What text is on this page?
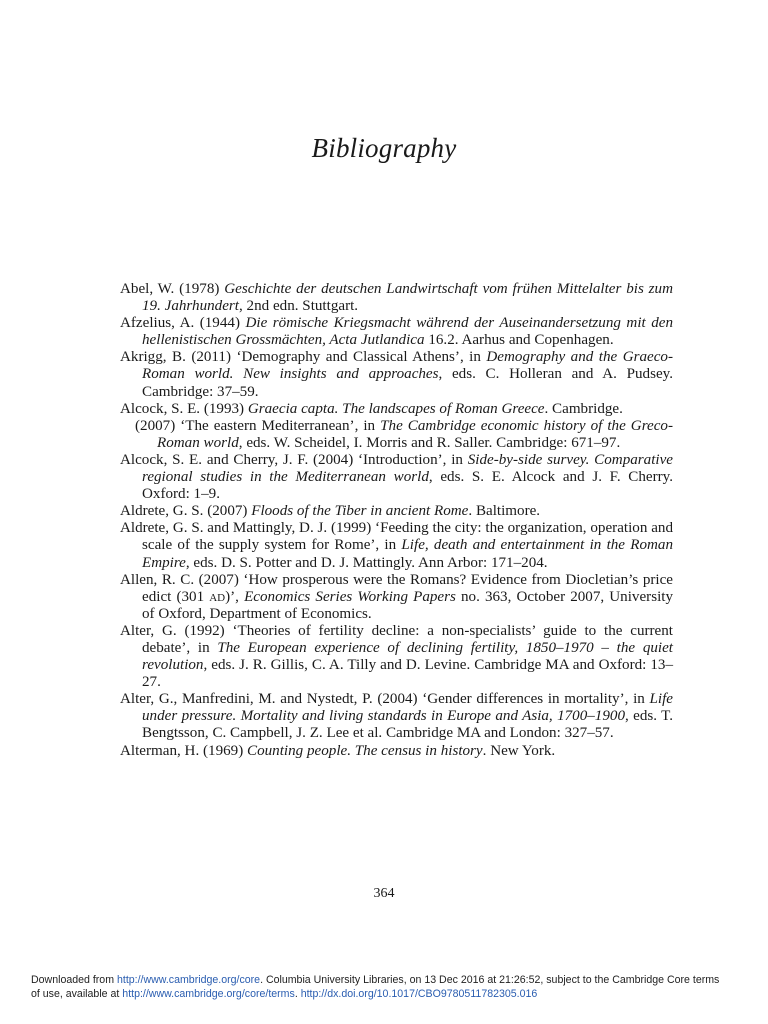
Bibliography
Abel, W. (1978) Geschichte der deutschen Landwirtschaft vom frühen Mittelalter bis zum 19. Jahrhundert, 2nd edn. Stuttgart.
Afzelius, A. (1944) Die römische Kriegsmacht während der Auseinandersetzung mit den hellenistischen Grossmächten, Acta Jutlandica 16.2. Aarhus and Copenhagen.
Akrigg, B. (2011) ‘Demography and Classical Athens’, in Demography and the Graeco-Roman world. New insights and approaches, eds. C. Holleran and A. Pudsey. Cambridge: 37–59.
Alcock, S. E. (1993) Graecia capta. The landscapes of Roman Greece. Cambridge.
(2007) ‘The eastern Mediterranean’, in The Cambridge economic history of the Greco-Roman world, eds. W. Scheidel, I. Morris and R. Saller. Cambridge: 671–97.
Alcock, S. E. and Cherry, J. F. (2004) ‘Introduction’, in Side-by-side survey. Comparative regional studies in the Mediterranean world, eds. S. E. Alcock and J. F. Cherry. Oxford: 1–9.
Aldrete, G. S. (2007) Floods of the Tiber in ancient Rome. Baltimore.
Aldrete, G. S. and Mattingly, D. J. (1999) ‘Feeding the city: the organization, operation and scale of the supply system for Rome’, in Life, death and entertainment in the Roman Empire, eds. D. S. Potter and D. J. Mattingly. Ann Arbor: 171–204.
Allen, R. C. (2007) ‘How prosperous were the Romans? Evidence from Diocletian’s price edict (301 ad)’, Economics Series Working Papers no. 363, October 2007, University of Oxford, Department of Economics.
Alter, G. (1992) ‘Theories of fertility decline: a non-specialists’ guide to the current debate’, in The European experience of declining fertility, 1850–1970 – the quiet revolution, eds. J. R. Gillis, C. A. Tilly and D. Levine. Cambridge MA and Oxford: 13–27.
Alter, G., Manfredini, M. and Nystedt, P. (2004) ‘Gender differences in mortality’, in Life under pressure. Mortality and living standards in Europe and Asia, 1700–1900, eds. T. Bengtsson, C. Campbell, J. Z. Lee et al. Cambridge MA and London: 327–57.
Alterman, H. (1969) Counting people. The census in history. New York.
364
Downloaded from http://www.cambridge.org/core. Columbia University Libraries, on 13 Dec 2016 at 21:26:52, subject to the Cambridge Core terms
of use, available at http://www.cambridge.org/core/terms. http://dx.doi.org/10.1017/CBO9780511782305.016
